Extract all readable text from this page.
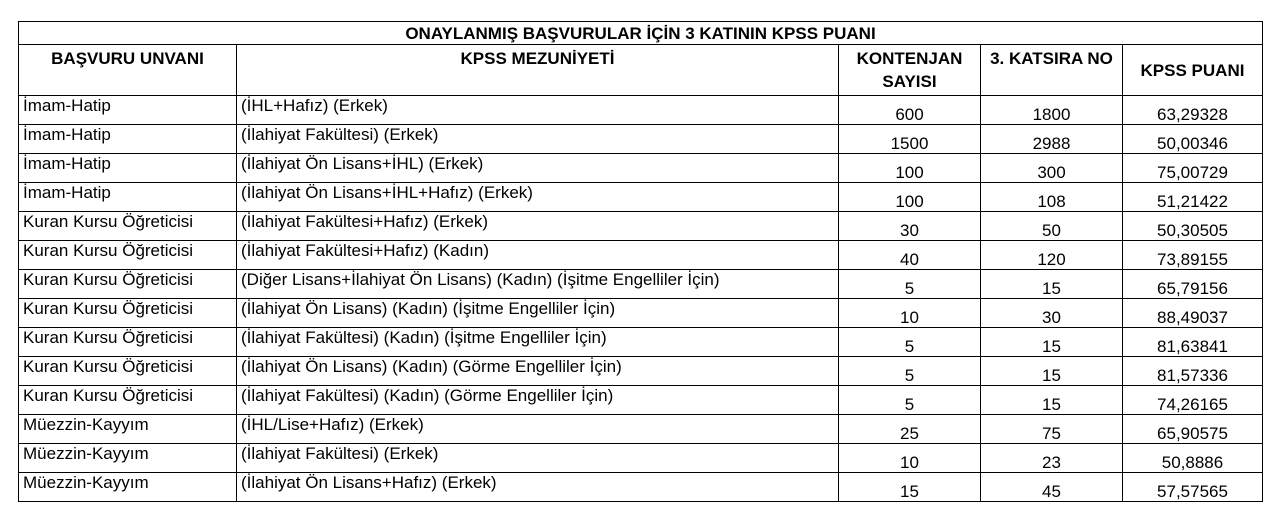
ONAYLANMIŞ BAŞVURULAR İÇİN 3 KATININ KPSS PUANI				
BAŞVURU UNVANI	KPSS MEZUNİYETİ	KONTENJAN SAYISI	3. KATSIRA NO	KPSS PUANI
İmam-Hatip	(İHL+Hafız) (Erkek)	600	1800	63,29328
İmam-Hatip	(İlahiyat Fakültesi) (Erkek)	1500	2988	50,00346
İmam-Hatip	(İlahiyat Ön Lisans+İHL) (Erkek)	100	300	75,00729
İmam-Hatip	(İlahiyat Ön Lisans+İHL+Hafız) (Erkek)	100	108	51,21422
Kuran Kursu Öğreticisi	(İlahiyat Fakültesi+Hafız) (Erkek)	30	50	50,30505
Kuran Kursu Öğreticisi	(İlahiyat Fakültesi+Hafız) (Kadın)	40	120	73,89155
Kuran Kursu Öğreticisi	(Diğer Lisans+İlahiyat Ön Lisans) (Kadın) (İşitme Engelliler İçin)	5	15	65,79156
Kuran Kursu Öğreticisi	(İlahiyat Ön Lisans) (Kadın) (İşitme Engelliler İçin)	10	30	88,49037
Kuran Kursu Öğreticisi	(İlahiyat Fakültesi) (Kadın) (İşitme Engelliler İçin)	5	15	81,63841
Kuran Kursu Öğreticisi	(İlahiyat Ön Lisans) (Kadın) (Görme Engelliler İçin)	5	15	81,57336
Kuran Kursu Öğreticisi	(İlahiyat Fakültesi) (Kadın) (Görme Engelliler İçin)	5	15	74,26165
Müezzin-Kayyım	(İHL/Lise+Hafız) (Erkek)	25	75	65,90575
Müezzin-Kayyım	(İlahiyat Fakültesi) (Erkek)	10	23	50,8886
Müezzin-Kayyım	(İlahiyat Ön Lisans+Hafız) (Erkek)	15	45	57,57565
